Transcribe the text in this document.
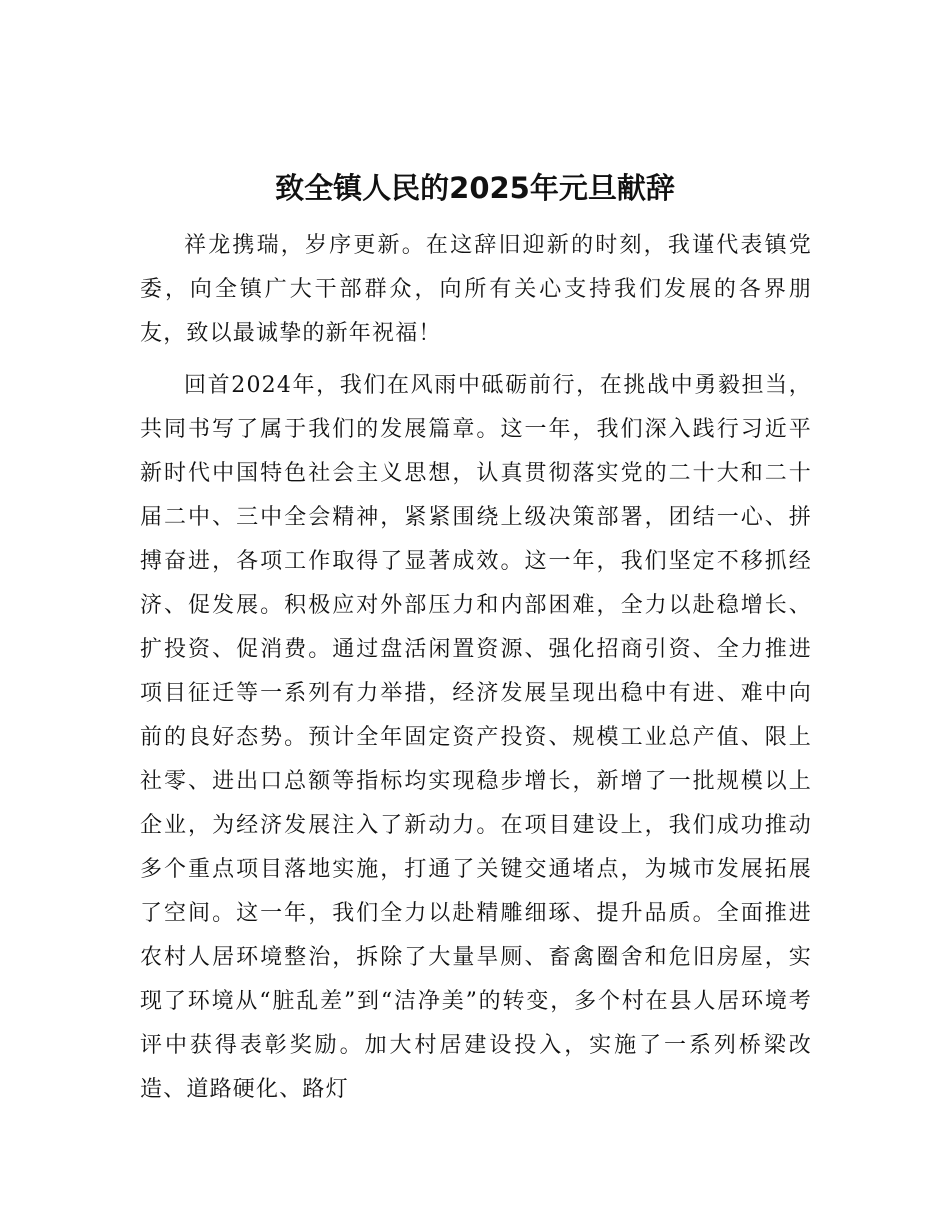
致全镇人民的2025年元旦献辞

祥龙携瑞，岁序更新。在这辞旧迎新的时刻，我谨代表镇党委，向全镇广大干部群众，向所有关心支持我们发展的各界朋友，致以最诚挚的新年祝福！

回首2024年，我们在风雨中砥砺前行，在挑战中勇毅担当，共同书写了属于我们的发展篇章。这一年，我们深入践行习近平新时代中国特色社会主义思想，认真贯彻落实党的二十大和二十届二中、三中全会精神，紧紧围绕上级决策部署，团结一心、拼搏奋进，各项工作取得了显著成效。这一年，我们坚定不移抓经济、促发展。积极应对外部压力和内部困难，全力以赴稳增长、扩投资、促消费。通过盘活闲置资源、强化招商引资、全力推进项目征迁等一系列有力举措，经济发展呈现出稳中有进、难中向前的良好态势。预计全年固定资产投资、规模工业总产值、限上社零、进出口总额等指标均实现稳步增长，新增了一批规模以上企业，为经济发展注入了新动力。在项目建设上，我们成功推动多个重点项目落地实施，打通了关键交通堵点，为城市发展拓展了空间。这一年，我们全力以赴精雕细琢、提升品质。全面推进农村人居环境整治，拆除了大量旱厕、畜禽圈舍和危旧房屋，实现了环境从“脏乱差”到“洁净美”的转变，多个村在县人居环境考评中获得表彰奖励。加大村居建设投入，实施了一系列桥梁改造、道路硬化、路灯
